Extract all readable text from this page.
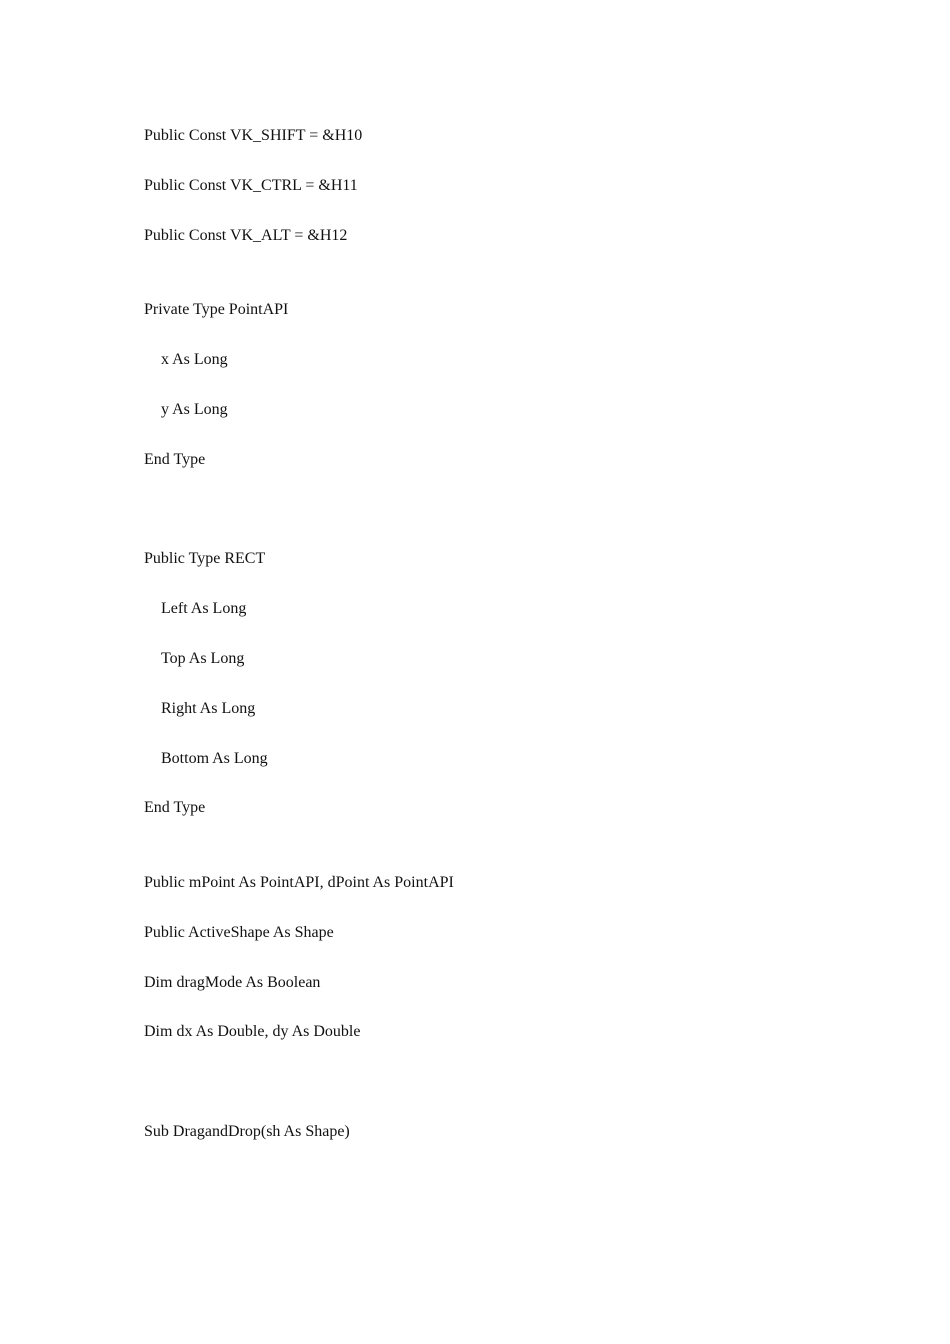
Public Const VK_SHIFT = &H10

Public Const VK_CTRL = &H11

Public Const VK_ALT = &H12

Private Type PointAPI

x As Long

y As Long

End Type

Public Type RECT

Left As Long

Top As Long

Right As Long

Bottom As Long

End Type

Public mPoint As PointAPI, dPoint As PointAPI

Public ActiveShape As Shape

Dim dragMode As Boolean

Dim dx As Double, dy As Double

Sub DragandDrop(sh As Shape)
